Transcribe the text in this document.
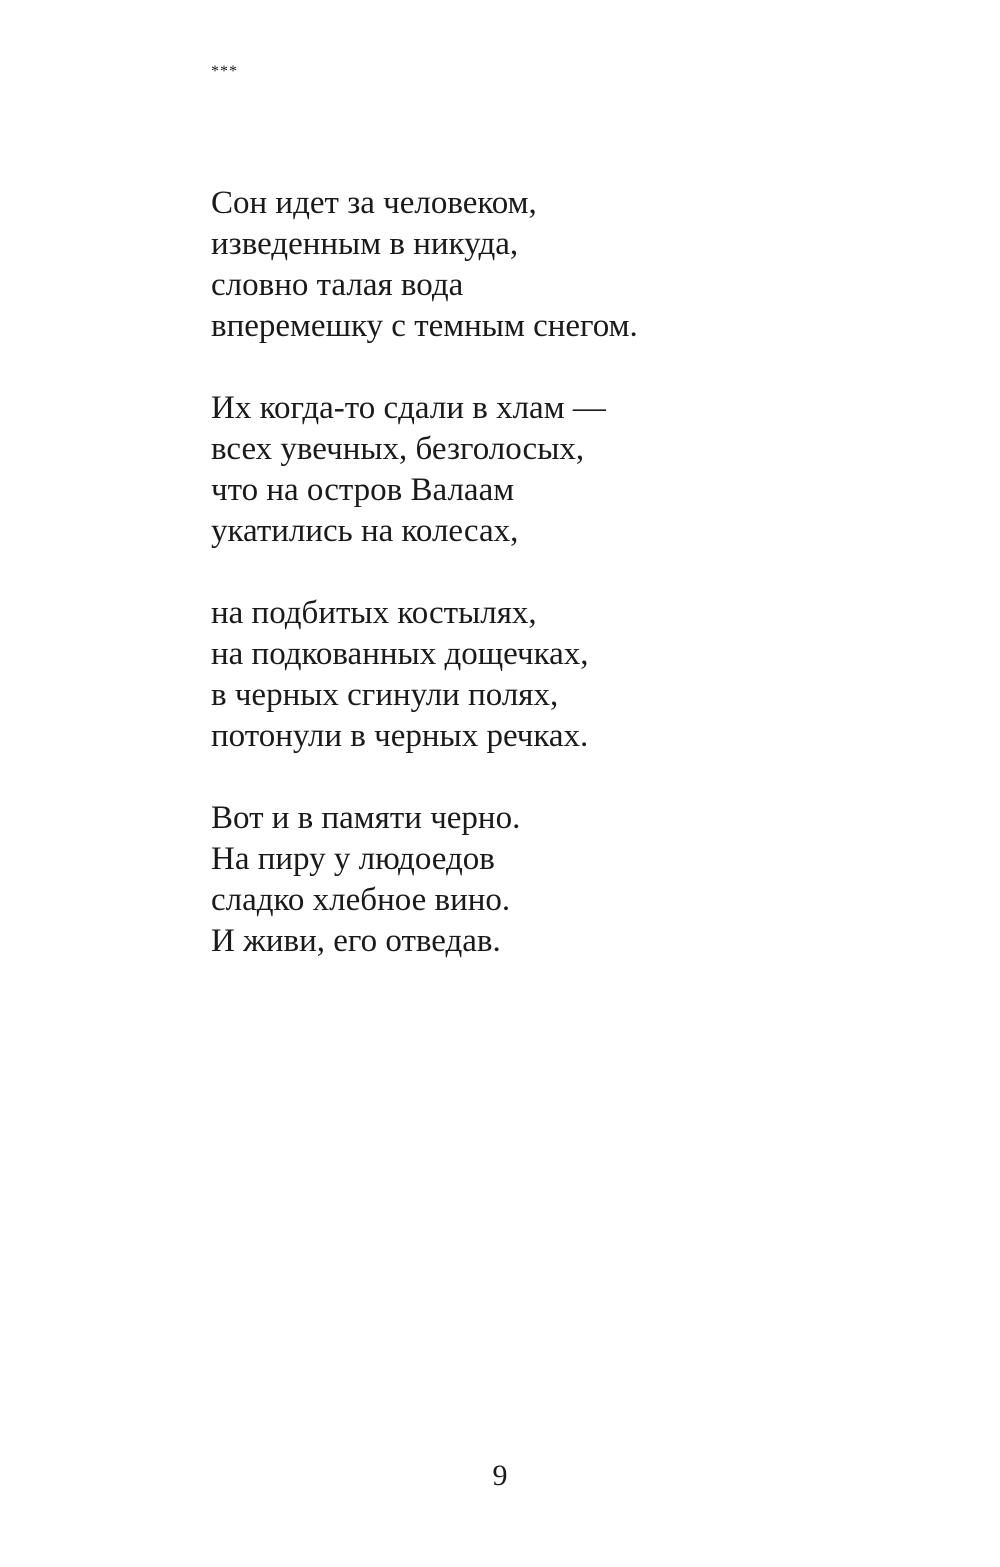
***
Сон идет за человеком,
изведенным в никуда,
словно талая вода
вперемешку с темным снегом.
Их когда-то сдали в хлам —
всех увечных, безголосых,
что на остров Валаам
укатились на колесах,
на подбитых костылях,
на подкованных дощечках,
в черных сгинули полях,
потонули в черных речках.
Вот и в памяти черно.
На пиру у людоедов
сладко хлебное вино.
И живи, его отведав.
9
